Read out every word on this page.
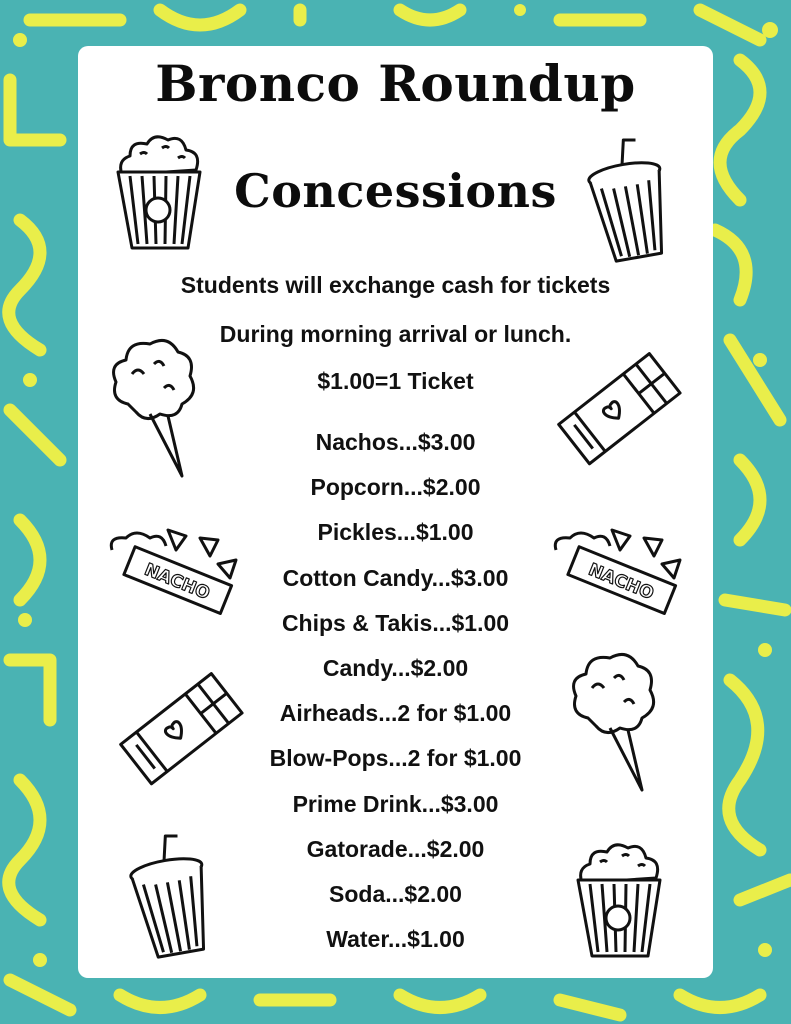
Bronco Roundup
Concessions
Students will exchange cash for tickets
During morning arrival or lunch.
$1.00=1 Ticket
Nachos...$3.00
Popcorn...$2.00
Pickles...$1.00
Cotton Candy...$3.00
Chips & Takis...$1.00
Candy...$2.00
Airheads...2 for $1.00
Blow-Pops...2 for $1.00
Prime Drink...$3.00
Gatorade...$2.00
Soda...$2.00
Water...$1.00
NACHO	NACHO
